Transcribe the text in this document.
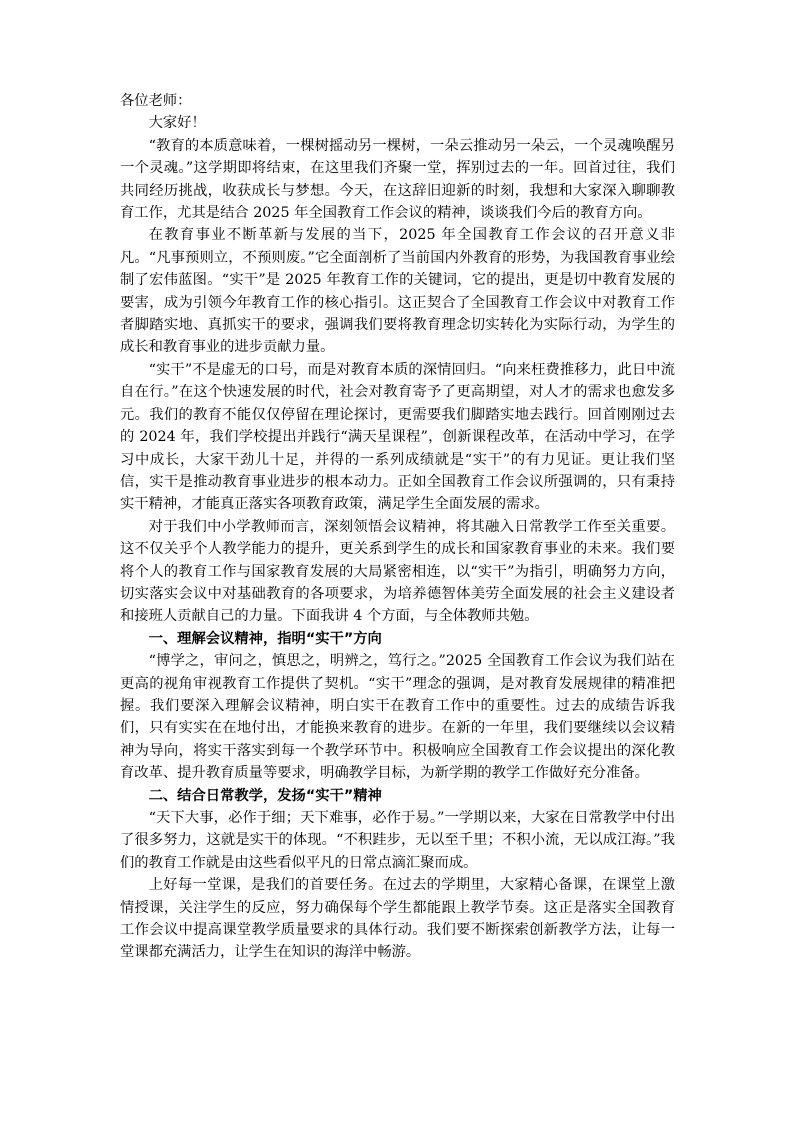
各位老师：

大家好！

“教育的本质意味着，一棵树摇动另一棵树，一朵云推动另一朵云，一个灵魂唤醒另一个灵魂。”这学期即将结束，在这里我们齐聚一堂，挥别过去的一年。回首过往，我们共同经历挑战，收获成长与梦想。今天，在这辞旧迎新的时刻，我想和大家深入聊聊教育工作，尤其是结合 2025 年全国教育工作会议的精神，谈谈我们今后的教育方向。

在教育事业不断革新与发展的当下，2025 年全国教育工作会议的召开意义非凡。“凡事预则立，不预则废。”它全面剖析了当前国内外教育的形势，为我国教育事业绘制了宏伟蓝图。“实干”是 2025 年教育工作的关键词，它的提出，更是切中教育发展的要害，成为引领今年教育工作的核心指引。这正契合了全国教育工作会议中对教育工作者脚踏实地、真抓实干的要求，强调我们要将教育理念切实转化为实际行动，为学生的成长和教育事业的进步贡献力量。

“实干”不是虚无的口号，而是对教育本质的深情回归。“向来枉费推移力，此日中流自在行。”在这个快速发展的时代，社会对教育寄予了更高期望，对人才的需求也愈发多元。我们的教育不能仅仅停留在理论探讨，更需要我们脚踏实地去践行。回首刚刚过去的 2024 年，我们学校提出并践行“满天星课程”，创新课程改革，在活动中学习，在学习中成长，大家干劲儿十足，并得的一系列成绩就是“实干”的有力见证。更让我们坚信，实干是推动教育事业进步的根本动力。正如全国教育工作会议所强调的，只有秉持实干精神，才能真正落实各项教育政策，满足学生全面发展的需求。

对于我们中小学教师而言，深刻领悟会议精神，将其融入日常教学工作至关重要。这不仅关乎个人教学能力的提升，更关系到学生的成长和国家教育事业的未来。我们要将个人的教育工作与国家教育发展的大局紧密相连，以“实干”为指引，明确努力方向，切实落实会议中对基础教育的各项要求，为培养德智体美劳全面发展的社会主义建设者和接班人贡献自己的力量。下面我讲 4 个方面，与全体教师共勉。

一、理解会议精神，指明“实干”方向

“博学之，审问之，慎思之，明辨之，笃行之。”2025 全国教育工作会议为我们站在更高的视角审视教育工作提供了契机。“实干”理念的强调，是对教育发展规律的精准把握。我们要深入理解会议精神，明白实干在教育工作中的重要性。过去的成绩告诉我们，只有实实在在地付出，才能换来教育的进步。在新的一年里，我们要继续以会议精神为导向，将实干落实到每一个教学环节中。积极响应全国教育工作会议提出的深化教育改革、提升教育质量等要求，明确教学目标，为新学期的教学工作做好充分准备。

二、结合日常教学，发扬“实干”精神

“天下大事，必作于细；天下难事，必作于易。”一学期以来，大家在日常教学中付出了很多努力，这就是实干的体现。“不积跬步，无以至千里；不积小流，无以成江海。”我们的教育工作就是由这些看似平凡的日常点滴汇聚而成。

上好每一堂课，是我们的首要任务。在过去的学期里，大家精心备课，在课堂上激情授课，关注学生的反应，努力确保每个学生都能跟上教学节奏。这正是落实全国教育工作会议中提高课堂教学质量要求的具体行动。我们要不断探索创新教学方法，让每一堂课都充满活力，让学生在知识的海洋中畅游。
